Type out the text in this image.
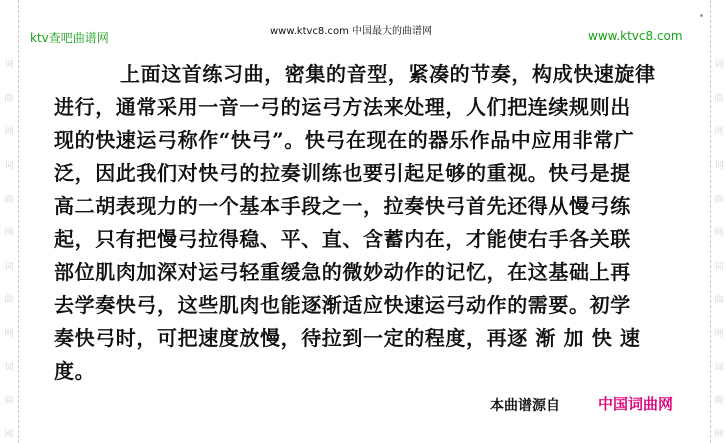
词
曲
网
词
曲
网
词
曲
网
词
曲
网
词
曲
网
词
曲
网
词
曲
网
词
曲
网
ktv查吧曲谱网	www.ktvc8.com 中国最大的曲谱网	www.ktvc8.com
上面这首练习曲，密集的音型，紧凑的节奏，构成快速旋律
进行，通常采用一音一弓的运弓方法来处理，人们把连续规则出
现的快速运弓称作“快弓”。快弓在现在的器乐作品中应用非常广
泛，因此我们对快弓的拉奏训练也要引起足够的重视。快弓是提
高二胡表现力的一个基本手段之一，拉奏快弓首先还得从慢弓练
起，只有把慢弓拉得稳、平、直、含蓄内在，才能使右手各关联
部位肌肉加深对运弓轻重缓急的微妙动作的记忆，在这基础上再
去学奏快弓，这些肌肉也能逐渐适应快速运弓动作的需要。初学
奏快弓时，可把速度放慢，待拉到一定的程度，再逐 渐 加 快 速
度。
本曲谱源自	中国词曲网
